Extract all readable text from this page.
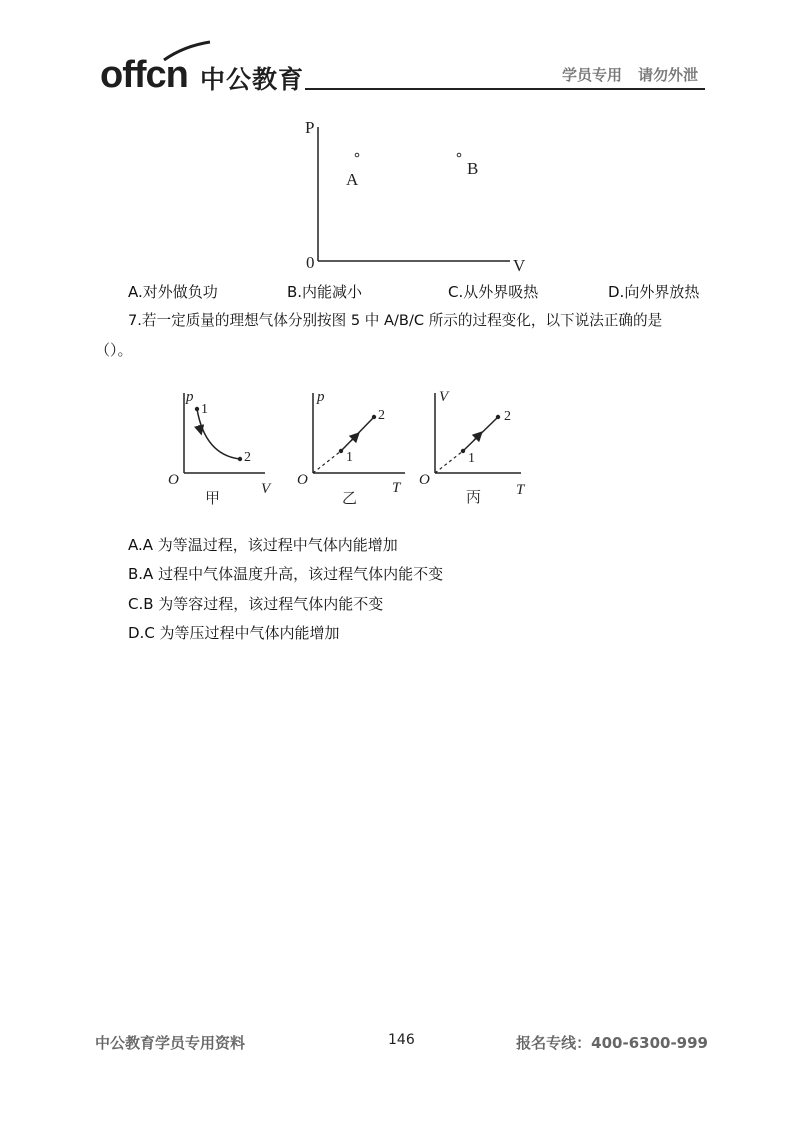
offcn 中公教育	学员专用 请勿外泄
P
V
0
A
B
A.对外做负功	B.内能减小	C.从外界吸热	D.向外界放热
7.若一定质量的理想气体分别按图 5 中 A/B/C 所示的过程变化，以下说法正确的是
（）。
p
V
O
1
2
甲
p
T
O
1
2
乙
V
T
O
1
2
丙
A.A 为等温过程，该过程中气体内能增加
B.A 过程中气体温度升高，该过程气体内能不变
C.B 为等容过程，该过程气体内能不变
D.C 为等压过程中气体内能增加
中公教育学员专用资料	146	报名专线：400-6300-999
